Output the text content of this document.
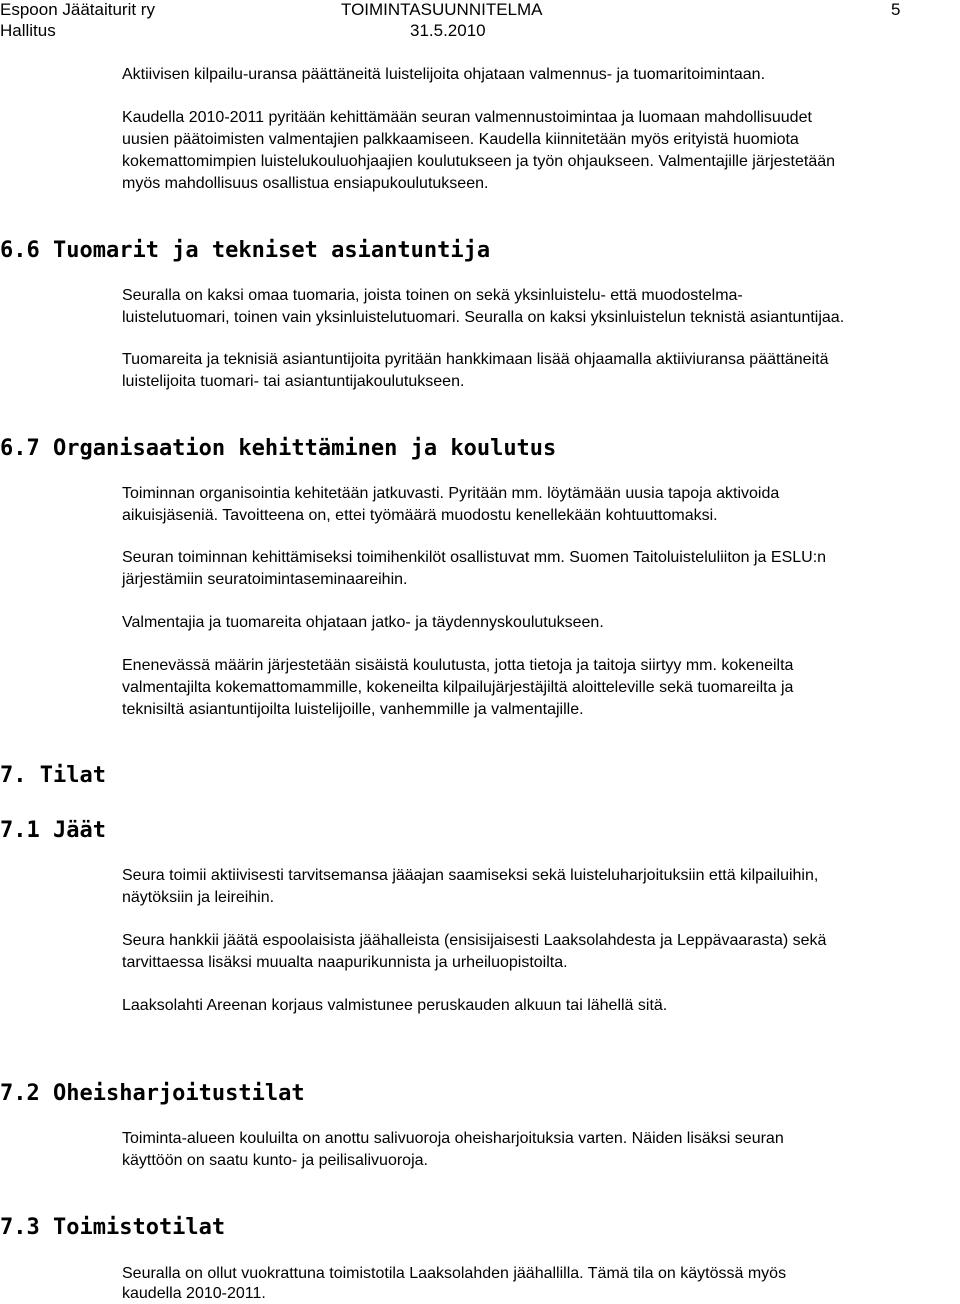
Espoon Jäätaiturit ry
Hallitus
TOIMINTASUUNNITELMA
31.5.2010
5
Aktiivisen kilpailu-uransa päättäneitä luistelijoita ohjataan valmennus- ja tuomaritoimintaan.
Kaudella 2010-2011 pyritään kehittämään seuran valmennustoimintaa ja luomaan mahdollisuudet
uusien päätoimisten valmentajien palkkaamiseen. Kaudella kiinnitetään myös erityistä huomiota
kokemattomimpien luistelukouluohjaajien koulutukseen ja työn ohjaukseen. Valmentajille järjestetään
myös mahdollisuus osallistua ensiapukoulutukseen.
6.6 Tuomarit ja tekniset asiantuntija
Seuralla on kaksi omaa tuomaria, joista toinen on sekä yksinluistelu- että muodostelma-
luistelutuomari, toinen vain yksinluistelutuomari. Seuralla on kaksi yksinluistelun teknistä asiantuntijaa.
Tuomareita ja teknisiä asiantuntijoita pyritään hankkimaan lisää ohjaamalla aktiiviuransa päättäneitä
luistelijoita tuomari- tai asiantuntijakoulutukseen.
6.7 Organisaation kehittäminen ja koulutus
Toiminnan organisointia kehitetään jatkuvasti. Pyritään mm. löytämään uusia tapoja aktivoida
aikuisjäseniä. Tavoitteena on, ettei työmäärä muodostu kenellekään kohtuuttomaksi.
Seuran toiminnan kehittämiseksi toimihenkilöt osallistuvat mm. Suomen Taitoluisteluliiton ja ESLU:n
järjestämiin seuratoimintaseminaareihin.
Valmentajia ja tuomareita ohjataan jatko- ja täydennyskoulutukseen.
Enenevässä määrin järjestetään sisäistä koulutusta, jotta tietoja ja taitoja siirtyy mm. kokeneilta
valmentajilta kokemattomammille, kokeneilta kilpailujärjestäjiltä aloitteleville sekä tuomareilta ja
teknisiltä asiantuntijoilta luistelijoille, vanhemmille ja valmentajille.
7. Tilat
7.1 Jäät
Seura toimii aktiivisesti tarvitsemansa jääajan saamiseksi sekä luisteluharjoituksiin että kilpailuihin,
näytöksiin ja leireihin.
Seura hankkii jäätä espoolaisista jäähalleista (ensisijaisesti Laaksolahdesta ja Leppävaarasta) sekä
tarvittaessa lisäksi muualta naapurikunnista ja urheiluopistoilta.
Laaksolahti Areenan korjaus valmistunee peruskauden alkuun tai lähellä sitä.
7.2 Oheisharjoitustilat
Toiminta-alueen kouluilta on anottu salivuoroja oheisharjoituksia varten. Näiden lisäksi seuran
käyttöön on saatu kunto- ja peilisalivuoroja.
7.3 Toimistotilat
Seuralla on ollut vuokrattuna toimistotila Laaksolahden jäähallilla. Tämä tila on käytössä myös
kaudella 2010-2011.
